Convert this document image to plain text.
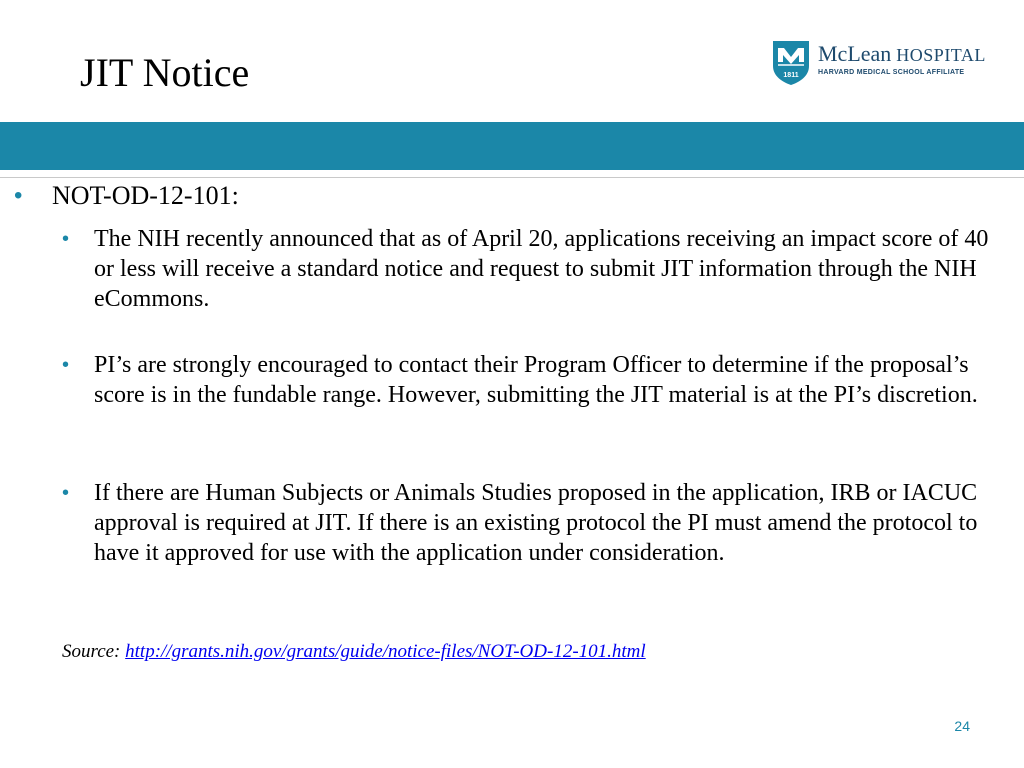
JIT Notice	1811
McLean HOSPITAL
HARVARD MEDICAL SCHOOL AFFILIATE
• NOT-OD-12-101:
• The NIH recently announced that as of April 20, applications receiving an impact score of 40 or less will receive a standard notice and request to submit JIT information through the NIH eCommons.
• PI’s are strongly encouraged to contact their Program Officer to determine if the proposal’s score is in the fundable range. However, submitting the JIT material is at the PI’s discretion.
• If there are Human Subjects or Animals Studies proposed in the application, IRB or IACUC approval is required at JIT. If there is an existing protocol the PI must amend the protocol to have it approved for use with the application under consideration.
Source: http://grants.nih.gov/grants/guide/notice-files/NOT-OD-12-101.html
24
